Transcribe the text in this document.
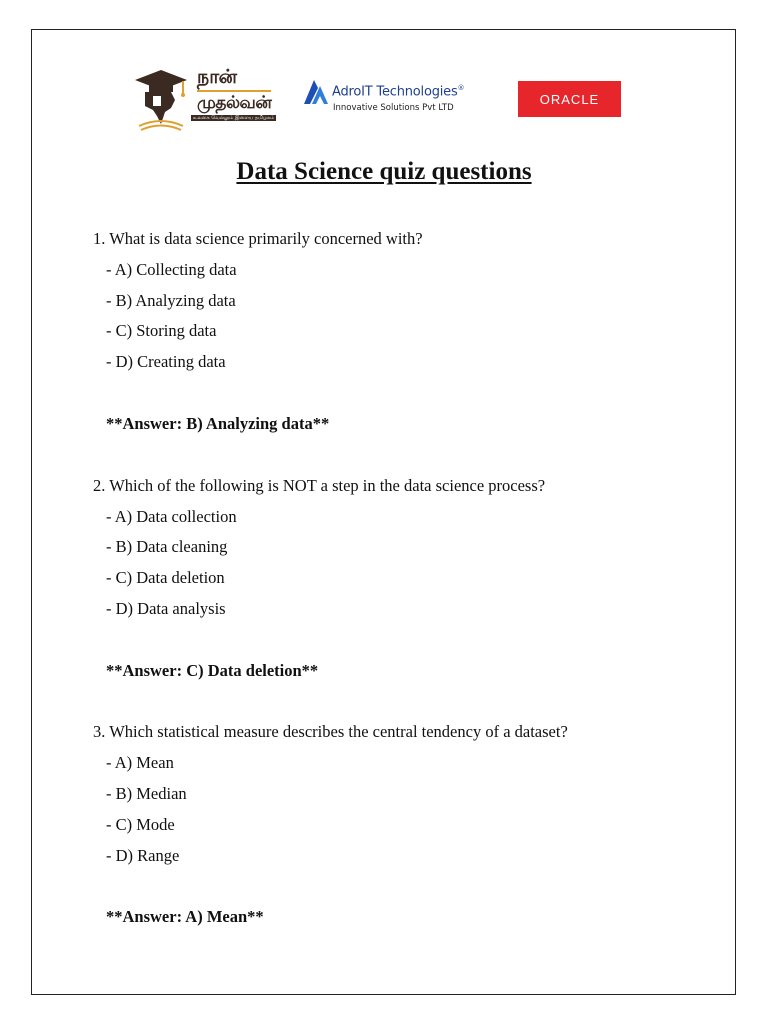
நான்
முதல்வன்
உலகை வெல்லும் இளைய தமிழகம்
AdroIT Technologies®
Innovative Solutions Pvt LTD
ORACLE
Data Science quiz questions

1. What is data science primarily concerned with?

- A) Collecting data

- B) Analyzing data

- C) Storing data

- D) Creating data

**Answer: B) Analyzing data**

2. Which of the following is NOT a step in the data science process?

- A) Data collection

- B) Data cleaning

- C) Data deletion

- D) Data analysis

**Answer: C) Data deletion**

3. Which statistical measure describes the central tendency of a dataset?

- A) Mean

- B) Median

- C) Mode

- D) Range

**Answer: A) Mean**
